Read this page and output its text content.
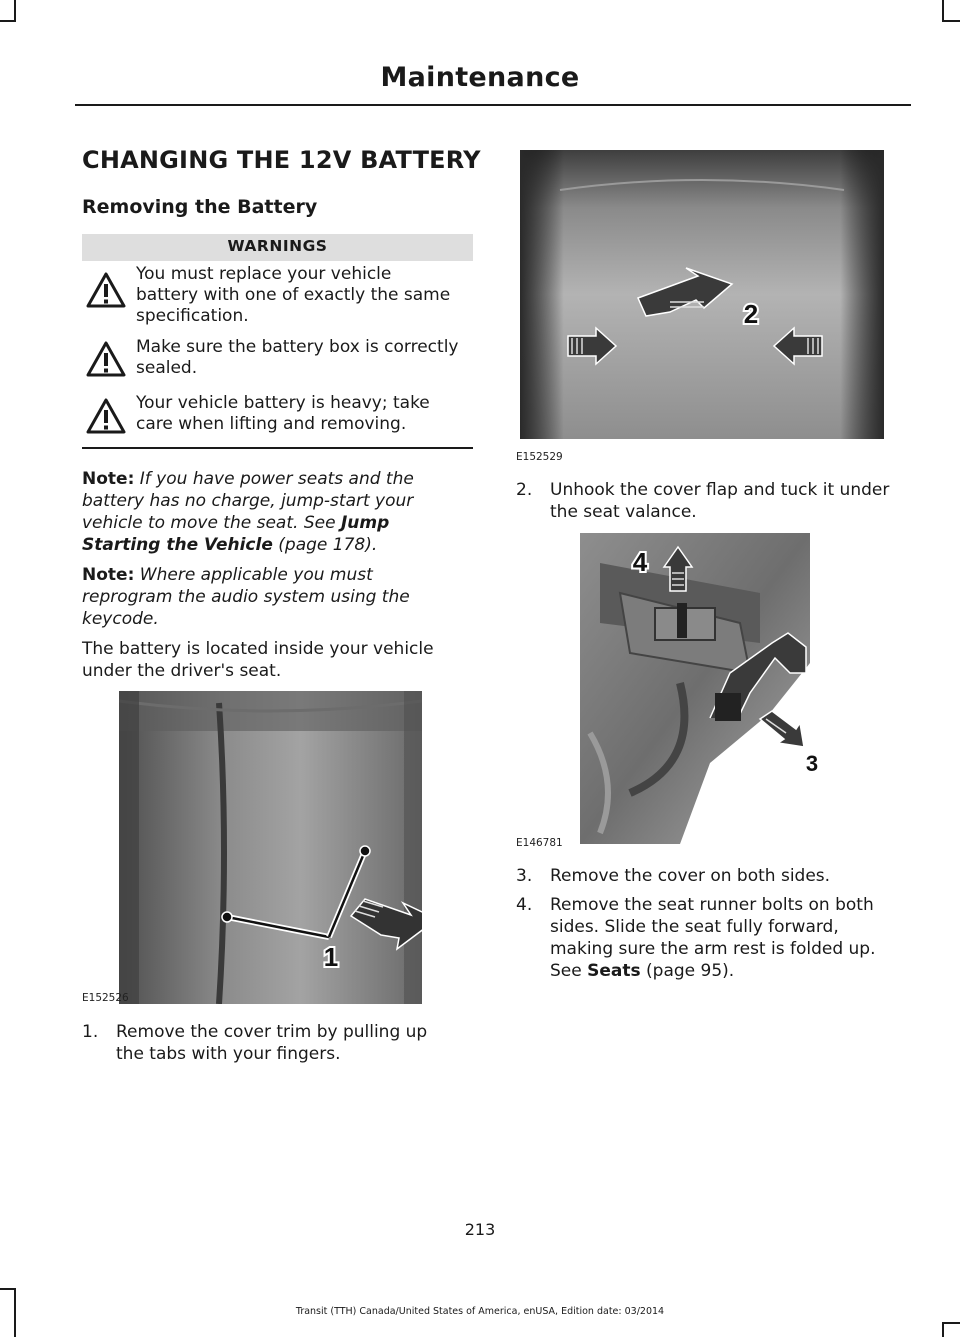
Maintenance
CHANGING THE 12V BATTERY
Removing the Battery
WARNINGS
You must replace your vehicle
battery with one of exactly the same
specification.
Make sure the battery box is correctly
sealed.
Your vehicle battery is heavy; take
care when lifting and removing.
Note: If you have power seats and the
battery has no charge, jump-start your
vehicle to move the seat. See Jump
Starting the Vehicle (page 178).
Note: Where applicable you must
reprogram the audio system using the
keycode.
The battery is located inside your vehicle
under the driver's seat.
1
E152526
1. Remove the cover trim by pulling up
the tabs with your fingers.
2
E152529
2. Unhook the cover flap and tuck it under
the seat valance.
4
3
E146781
3. Remove the cover on both sides.
4. Remove the seat runner bolts on both
sides. Slide the seat fully forward,
making sure the arm rest is folded up.
See Seats (page 95).
213
Transit (TTH) Canada/United States of America, enUSA, Edition date: 03/2014
